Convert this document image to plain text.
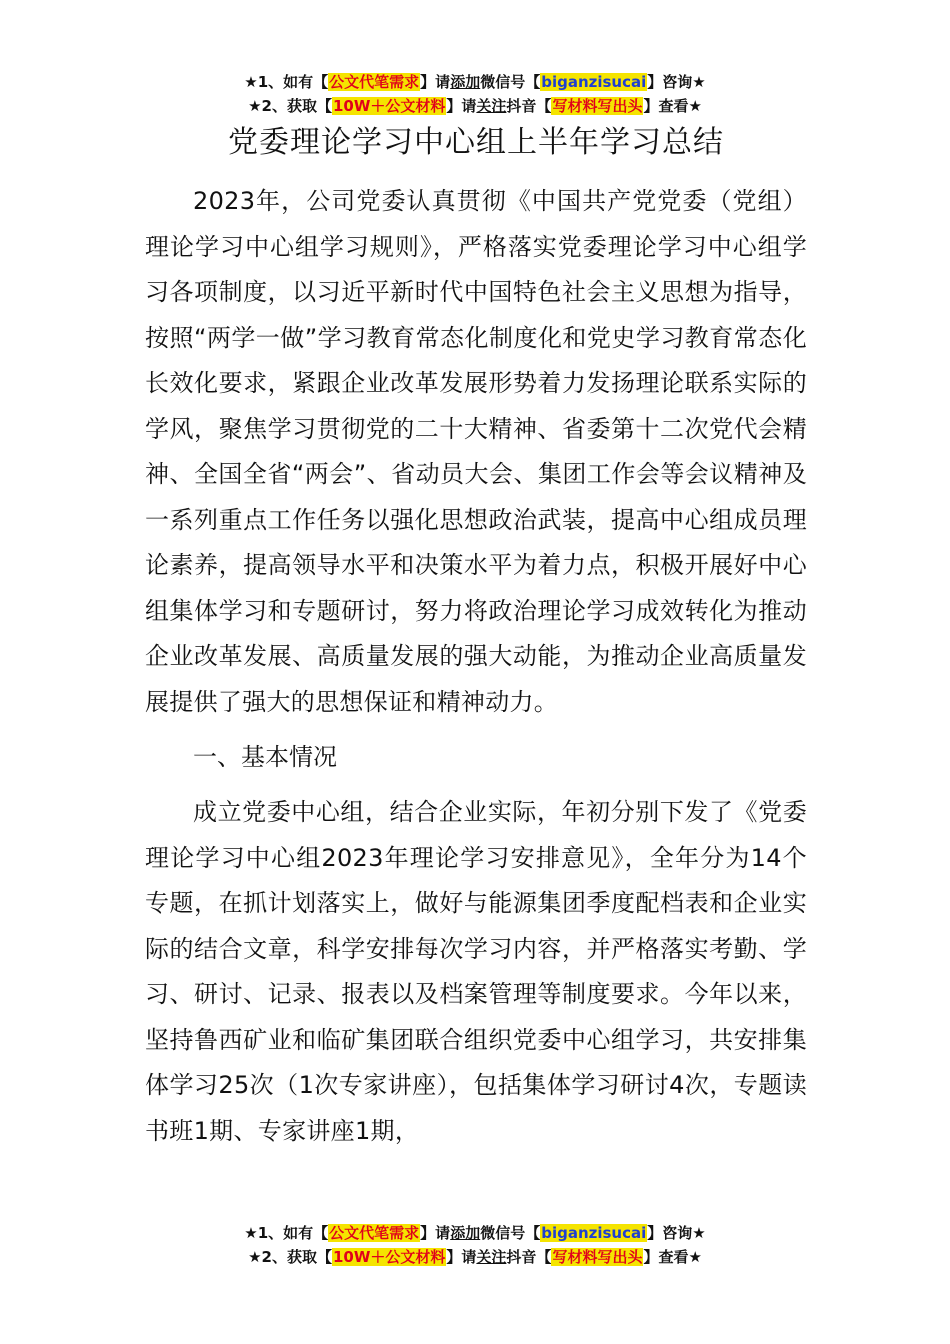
★1、如有【公文代笔需求】请添加微信号【biganzisucai】咨询★
★2、获取【10W＋公文材料】请关注抖音【写材料写出头】查看★
党委理论学习中心组上半年学习总结

2023年，公司党委认真贯彻《中国共产党党委（党组）理论学习中心组学习规则》，严格落实党委理论学习中心组学习各项制度，以习近平新时代中国特色社会主义思想为指导，按照“两学一做”学习教育常态化制度化和党史学习教育常态化长效化要求，紧跟企业改革发展形势着力发扬理论联系实际的学风，聚焦学习贯彻党的二十大精神、省委第十二次党代会精神、全国全省“两会”、省动员大会、集团工作会等会议精神及一系列重点工作任务以强化思想政治武装，提高中心组成员理论素养，提高领导水平和决策水平为着力点，积极开展好中心组集体学习和专题研讨，努力将政治理论学习成效转化为推动企业改革发展、高质量发展的强大动能，为推动企业高质量发展提供了强大的思想保证和精神动力。

一、基本情况

成立党委中心组，结合企业实际，年初分别下发了《党委理论学习中心组2023年理论学习安排意见》，全年分为14个专题，在抓计划落实上，做好与能源集团季度配档表和企业实际的结合文章，科学安排每次学习内容，并严格落实考勤、学习、研讨、记录、报表以及档案管理等制度要求。今年以来，坚持鲁西矿业和临矿集团联合组织党委中心组学习，共安排集体学习25次（1次专家讲座），包括集体学习研讨4次，专题读书班1期、专家讲座1期，

★1、如有【公文代笔需求】请添加微信号【biganzisucai】咨询★
★2、获取【10W＋公文材料】请关注抖音【写材料写出头】查看★
